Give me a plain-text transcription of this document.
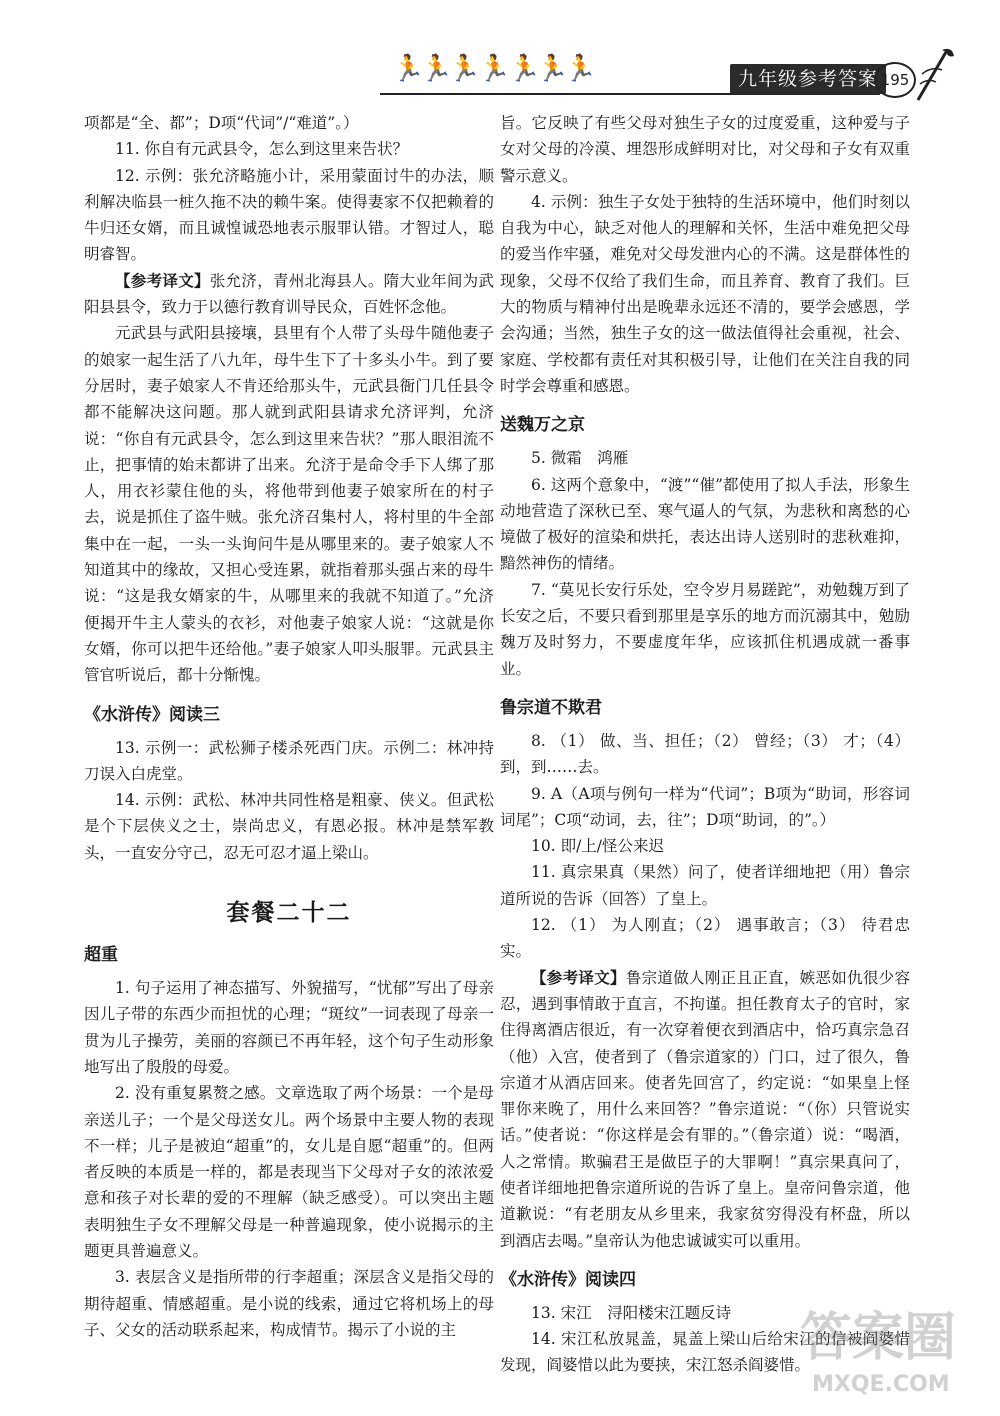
🏃
🏃
🏃
🏃
🏃
🏃
🏃	九年级参考答案 195

项都是“全、都”；D项“代词”/“难道”。）

11. 你自有元武县令，怎么到这里来告状？

12. 示例：张允济略施小计，采用蒙面讨牛的办法，顺利解决临县一桩久拖不决的赖牛案。使得妻家不仅把赖着的牛归还女婿，而且诚惶诚恐地表示服罪认错。才智过人，聪明睿智。

【参考译文】张允济，青州北海县人。隋大业年间为武阳县县令，致力于以德行教育训导民众，百姓怀念他。

元武县与武阳县接壤，县里有个人带了头母牛随他妻子的娘家一起生活了八九年，母牛生下了十多头小牛。到了要分居时，妻子娘家人不肯还给那头牛，元武县衙门几任县令都不能解决这问题。那人就到武阳县请求允济评判，允济说：“你自有元武县令，怎么到这里来告状？”那人眼泪流不止，把事情的始末都讲了出来。允济于是命令手下人绑了那人，用衣衫蒙住他的头，将他带到他妻子娘家所在的村子去，说是抓住了盗牛贼。张允济召集村人，将村里的牛全部集中在一起，一头一头询问牛是从哪里来的。妻子娘家人不知道其中的缘故，又担心受连累，就指着那头强占来的母牛说：“这是我女婿家的牛，从哪里来的我就不知道了。”允济便揭开牛主人蒙头的衣衫，对他妻子娘家人说：“这就是你女婿，你可以把牛还给他。”妻子娘家人叩头服罪。元武县主管官听说后，都十分惭愧。

《水浒传》阅读三

13. 示例一：武松狮子楼杀死西门庆。示例二：林冲持刀误入白虎堂。

14. 示例：武松、林冲共同性格是粗豪、侠义。但武松是个下层侠义之士，崇尚忠义，有恩必报。林冲是禁军教头，一直安分守己，忍无可忍才逼上梁山。

套餐二十二
超重

1. 句子运用了神态描写、外貌描写，“忧郁”写出了母亲因儿子带的东西少而担忧的心理；“斑纹”一词表现了母亲一贯为儿子操劳，美丽的容颜已不再年轻，这个句子生动形象地写出了殷殷的母爱。

2. 没有重复累赘之感。文章选取了两个场景：一个是母亲送儿子；一个是父母送女儿。两个场景中主要人物的表现不一样；儿子是被迫“超重”的，女儿是自愿“超重”的。但两者反映的本质是一样的，都是表现当下父母对子女的浓浓爱意和孩子对长辈的爱的不理解（缺乏感受）。可以突出主题表明独生子女不理解父母是一种普遍现象，使小说揭示的主题更具普遍意义。

3. 表层含义是指所带的行李超重；深层含义是指父母的期待超重、情感超重。是小说的线索，通过它将机场上的母子、父女的活动联系起来，构成情节。揭示了小说的主

旨。它反映了有些父母对独生子女的过度爱重，这种爱与子女对父母的冷漠、埋怨形成鲜明对比，对父母和子女有双重警示意义。

4. 示例：独生子女处于独特的生活环境中，他们时刻以自我为中心，缺乏对他人的理解和关怀，生活中难免把父母的爱当作牢骚，难免对父母发泄内心的不满。这是群体性的现象，父母不仅给了我们生命，而且养育、教育了我们。巨大的物质与精神付出是晚辈永远还不清的，要学会感恩，学会沟通；当然，独生子女的这一做法值得社会重视，社会、家庭、学校都有责任对其积极引导，让他们在关注自我的同时学会尊重和感恩。

送魏万之京

5. 微霜　鸿雁

6. 这两个意象中，“渡”“催”都使用了拟人手法，形象生动地营造了深秋已至、寒气逼人的气氛，为悲秋和离愁的心境做了极好的渲染和烘托，表达出诗人送别时的悲秋难抑，黯然神伤的情绪。

7. “莫见长安行乐处，空令岁月易蹉跎”，劝勉魏万到了长安之后，不要只看到那里是享乐的地方而沉溺其中，勉励魏万及时努力，不要虚度年华，应该抓住机遇成就一番事业。

鲁宗道不欺君

8. （1） 做、当、担任；（2） 曾经；（3） 才；（4） 到，到……去。

9. A（A项与例句一样为“代词”；B项为“助词，形容词词尾”；C项“动词，去，往”；D项“助词，的”。）

10. 即/上/怪公来迟

11. 真宗果真（果然）问了，使者详细地把（用）鲁宗道所说的告诉（回答）了皇上。

12. （1） 为人刚直；（2） 遇事敢言；（3） 待君忠实。

【参考译文】鲁宗道做人刚正且正直，嫉恶如仇很少容忍，遇到事情敢于直言，不拘谨。担任教育太子的官时，家住得离酒店很近，有一次穿着便衣到酒店中，恰巧真宗急召（他）入宫，使者到了（鲁宗道家的）门口，过了很久，鲁宗道才从酒店回来。使者先回宫了，约定说：“如果皇上怪罪你来晚了，用什么来回答？”鲁宗道说：“（你）只管说实话。”使者说：“你这样是会有罪的。”（鲁宗道）说：“喝酒，人之常情。欺骗君王是做臣子的大罪啊！”真宗果真问了，使者详细地把鲁宗道所说的告诉了皇上。皇帝问鲁宗道，他道歉说：“有老朋友从乡里来，我家贫穷得没有杯盘，所以到酒店去喝。”皇帝认为他忠诚诚实可以重用。

《水浒传》阅读四

13. 宋江　浔阳楼宋江题反诗

14. 宋江私放晁盖，晁盖上梁山后给宋江的信被阎婆惜发现，阎婆惜以此为要挟，宋江怒杀阎婆惜。

答案圈
MXQE.COM
